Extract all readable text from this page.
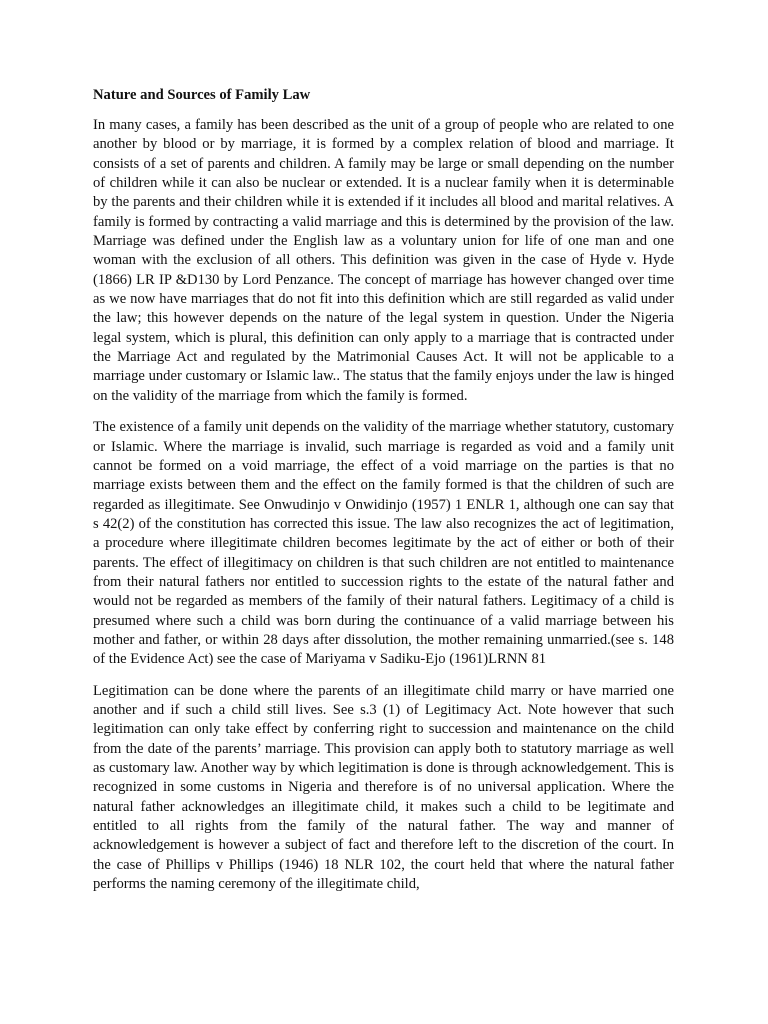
Nature and Sources of Family Law

In many cases, a family has been described as the unit of a group of people who are related to one another by blood or by marriage, it is formed by a complex relation of blood and marriage. It consists of a set of parents and children. A family may be large or small depending on the number of children while it can also be nuclear or extended. It is a nuclear family when it is determinable by the parents and their children while it is extended if it includes all blood and marital relatives. A family is formed by contracting a valid marriage and this is determined by the provision of the law. Marriage was defined under the English law as a voluntary union for life of one man and one woman with the exclusion of all others. This definition was given in the case of Hyde v. Hyde (1866) LR IP &D130 by Lord Penzance. The concept of marriage has however changed over time as we now have marriages that do not fit into this definition which are still regarded as valid under the law; this however depends on the nature of the legal system in question. Under the Nigeria legal system, which is plural, this definition can only apply to a marriage that is contracted under the Marriage Act and regulated by the Matrimonial Causes Act. It will not be applicable to a marriage under customary or Islamic law.. The status that the family enjoys under the law is hinged on the validity of the marriage from which the family is formed.

The existence of a family unit depends on the validity of the marriage whether statutory, customary or Islamic. Where the marriage is invalid, such marriage is regarded as void and a family unit cannot be formed on a void marriage, the effect of a void marriage on the parties is that no marriage exists between them and the effect on the family formed is that the children of such are regarded as illegitimate. See Onwudinjo v Onwidinjo (1957) 1 ENLR 1, although one can say that s 42(2) of the constitution has corrected this issue. The law also recognizes the act of legitimation, a procedure where illegitimate children becomes legitimate by the act of either or both of their parents. The effect of illegitimacy on children is that such children are not entitled to maintenance from their natural fathers nor entitled to succession rights to the estate of the natural father and would not be regarded as members of the family of their natural fathers. Legitimacy of a child is presumed where such a child was born during the continuance of a valid marriage between his mother and father, or within 28 days after dissolution, the mother remaining unmarried.(see s. 148 of the Evidence Act) see the case of Mariyama v Sadiku-Ejo (1961)LRNN 81

Legitimation can be done where the parents of an illegitimate child marry or have married one another and if such a child still lives. See s.3 (1) of Legitimacy Act. Note however that such legitimation can only take effect by conferring right to succession and maintenance on the child from the date of the parents’ marriage. This provision can apply both to statutory marriage as well as customary law. Another way by which legitimation is done is through acknowledgement. This is recognized in some customs in Nigeria and therefore is of no universal application. Where the natural father acknowledges an illegitimate child, it makes such a child to be legitimate and entitled to all rights from the family of the natural father. The way and manner of acknowledgement is however a subject of fact and therefore left to the discretion of the court. In the case of Phillips v Phillips (1946) 18 NLR 102, the court held that where the natural father performs the naming ceremony of the illegitimate child,
